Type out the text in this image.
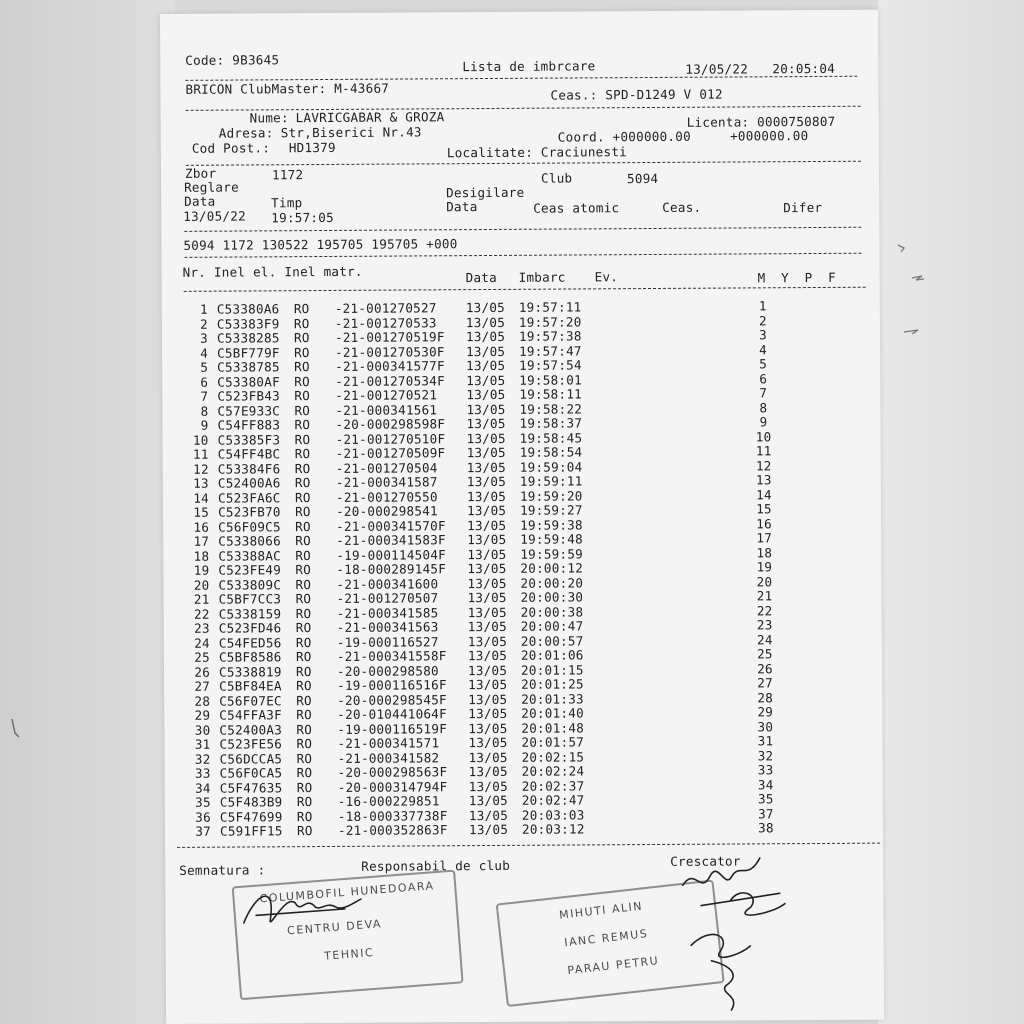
Code: 9B3645	Lista de imbrcare	13/05/22 20:05:04
BRICON ClubMaster: M-43667	Ceas.: SPD-D1249 V 012
Nume: LAVRICGABAR & GROZA
Adresa: Str,Biserici Nr.43
Cod Post.: HD1379
Licenta: 0000750807
Coord. +000000.00     +000000.00
Localitate: Craciunesti
Zbor	1172	Club	5094
Reglare	Desigilare
Data	Timp	Data	Ceas atomic	Ceas.	Difer
13/05/22 19:57:05
5094 1172 130522 195705 195705 +000
Nr. Inel el. Inel matr.	Data Imbarc Ev.	M  Y  P  F
1 C53380A6 RO -21-001270527 13/05 19:57:11	1
2 C53383F9 RO -21-001270533 13/05 19:57:20	2
3 C5338285 RO -21-001270519F 13/05 19:57:38	3
4 C5BF779F RO -21-001270530F 13/05 19:57:47	4
5 C5338785 RO -21-000341577F 13/05 19:57:54	5
6 C53380AF RO -21-001270534F 13/05 19:58:01	6
7 C523FB43 RO -21-001270521 13/05 19:58:11	7
8 C57E933C RO -21-000341561 13/05 19:58:22	8
9 C54FF883 RO -20-000298598F 13/05 19:58:37	9
10 C53385F3 RO -21-001270510F 13/05 19:58:45	10
11 C54FF4BC RO -21-001270509F 13/05 19:58:54	11
12 C53384F6 RO -21-001270504 13/05 19:59:04	12
13 C52400A6 RO -21-000341587 13/05 19:59:11	13
14 C523FA6C RO -21-001270550 13/05 19:59:20	14
15 C523FB70 RO -20-000298541 13/05 19:59:27	15
16 C56F09C5 RO -21-000341570F 13/05 19:59:38	16
17 C5338066 RO -21-000341583F 13/05 19:59:48	17
18 C53388AC RO -19-000114504F 13/05 19:59:59	18
19 C523FE49 RO -18-000289145F 13/05 20:00:12	19
20 C533809C RO -21-000341600 13/05 20:00:20	20
21 C5BF7CC3 RO -21-001270507 13/05 20:00:30	21
22 C5338159 RO -21-000341585 13/05 20:00:38	22
23 C523FD46 RO -21-000341563 13/05 20:00:47	23
24 C54FED56 RO -19-000116527 13/05 20:00:57	24
25 C5BF8586 RO -21-000341558F 13/05 20:01:06	25
26 C5338819 RO -20-000298580 13/05 20:01:15	26
27 C5BF84EA RO -19-000116516F 13/05 20:01:25	27
28 C56F07EC RO -20-000298545F 13/05 20:01:33	28
29 C54FFA3F RO -20-010441064F 13/05 20:01:40	29
30 C52400A3 RO -19-000116519F 13/05 20:01:48	30
31 C523FE56 RO -21-000341571 13/05 20:01:57	31
32 C56DCCA5 RO -21-000341582 13/05 20:02:15	32
33 C56F0CA5 RO -20-000298563F 13/05 20:02:24	33
34 C5F47635 RO -20-000314794F 13/05 20:02:37	34
35 C5F483B9 RO -16-000229851 13/05 20:02:47	35
36 C5F47699 RO -18-000337738F 13/05 20:03:03	37
37 C591FF15 RO -21-000352863F 13/05 20:03:12	38
Semnatura :	Responsabil de club	Crescator
COLUMBOFIL HUNEDOARA
CENTRU DEVA
TEHNIC
MIHUTI ALIN
IANC REMUS
PARAU PETRU
